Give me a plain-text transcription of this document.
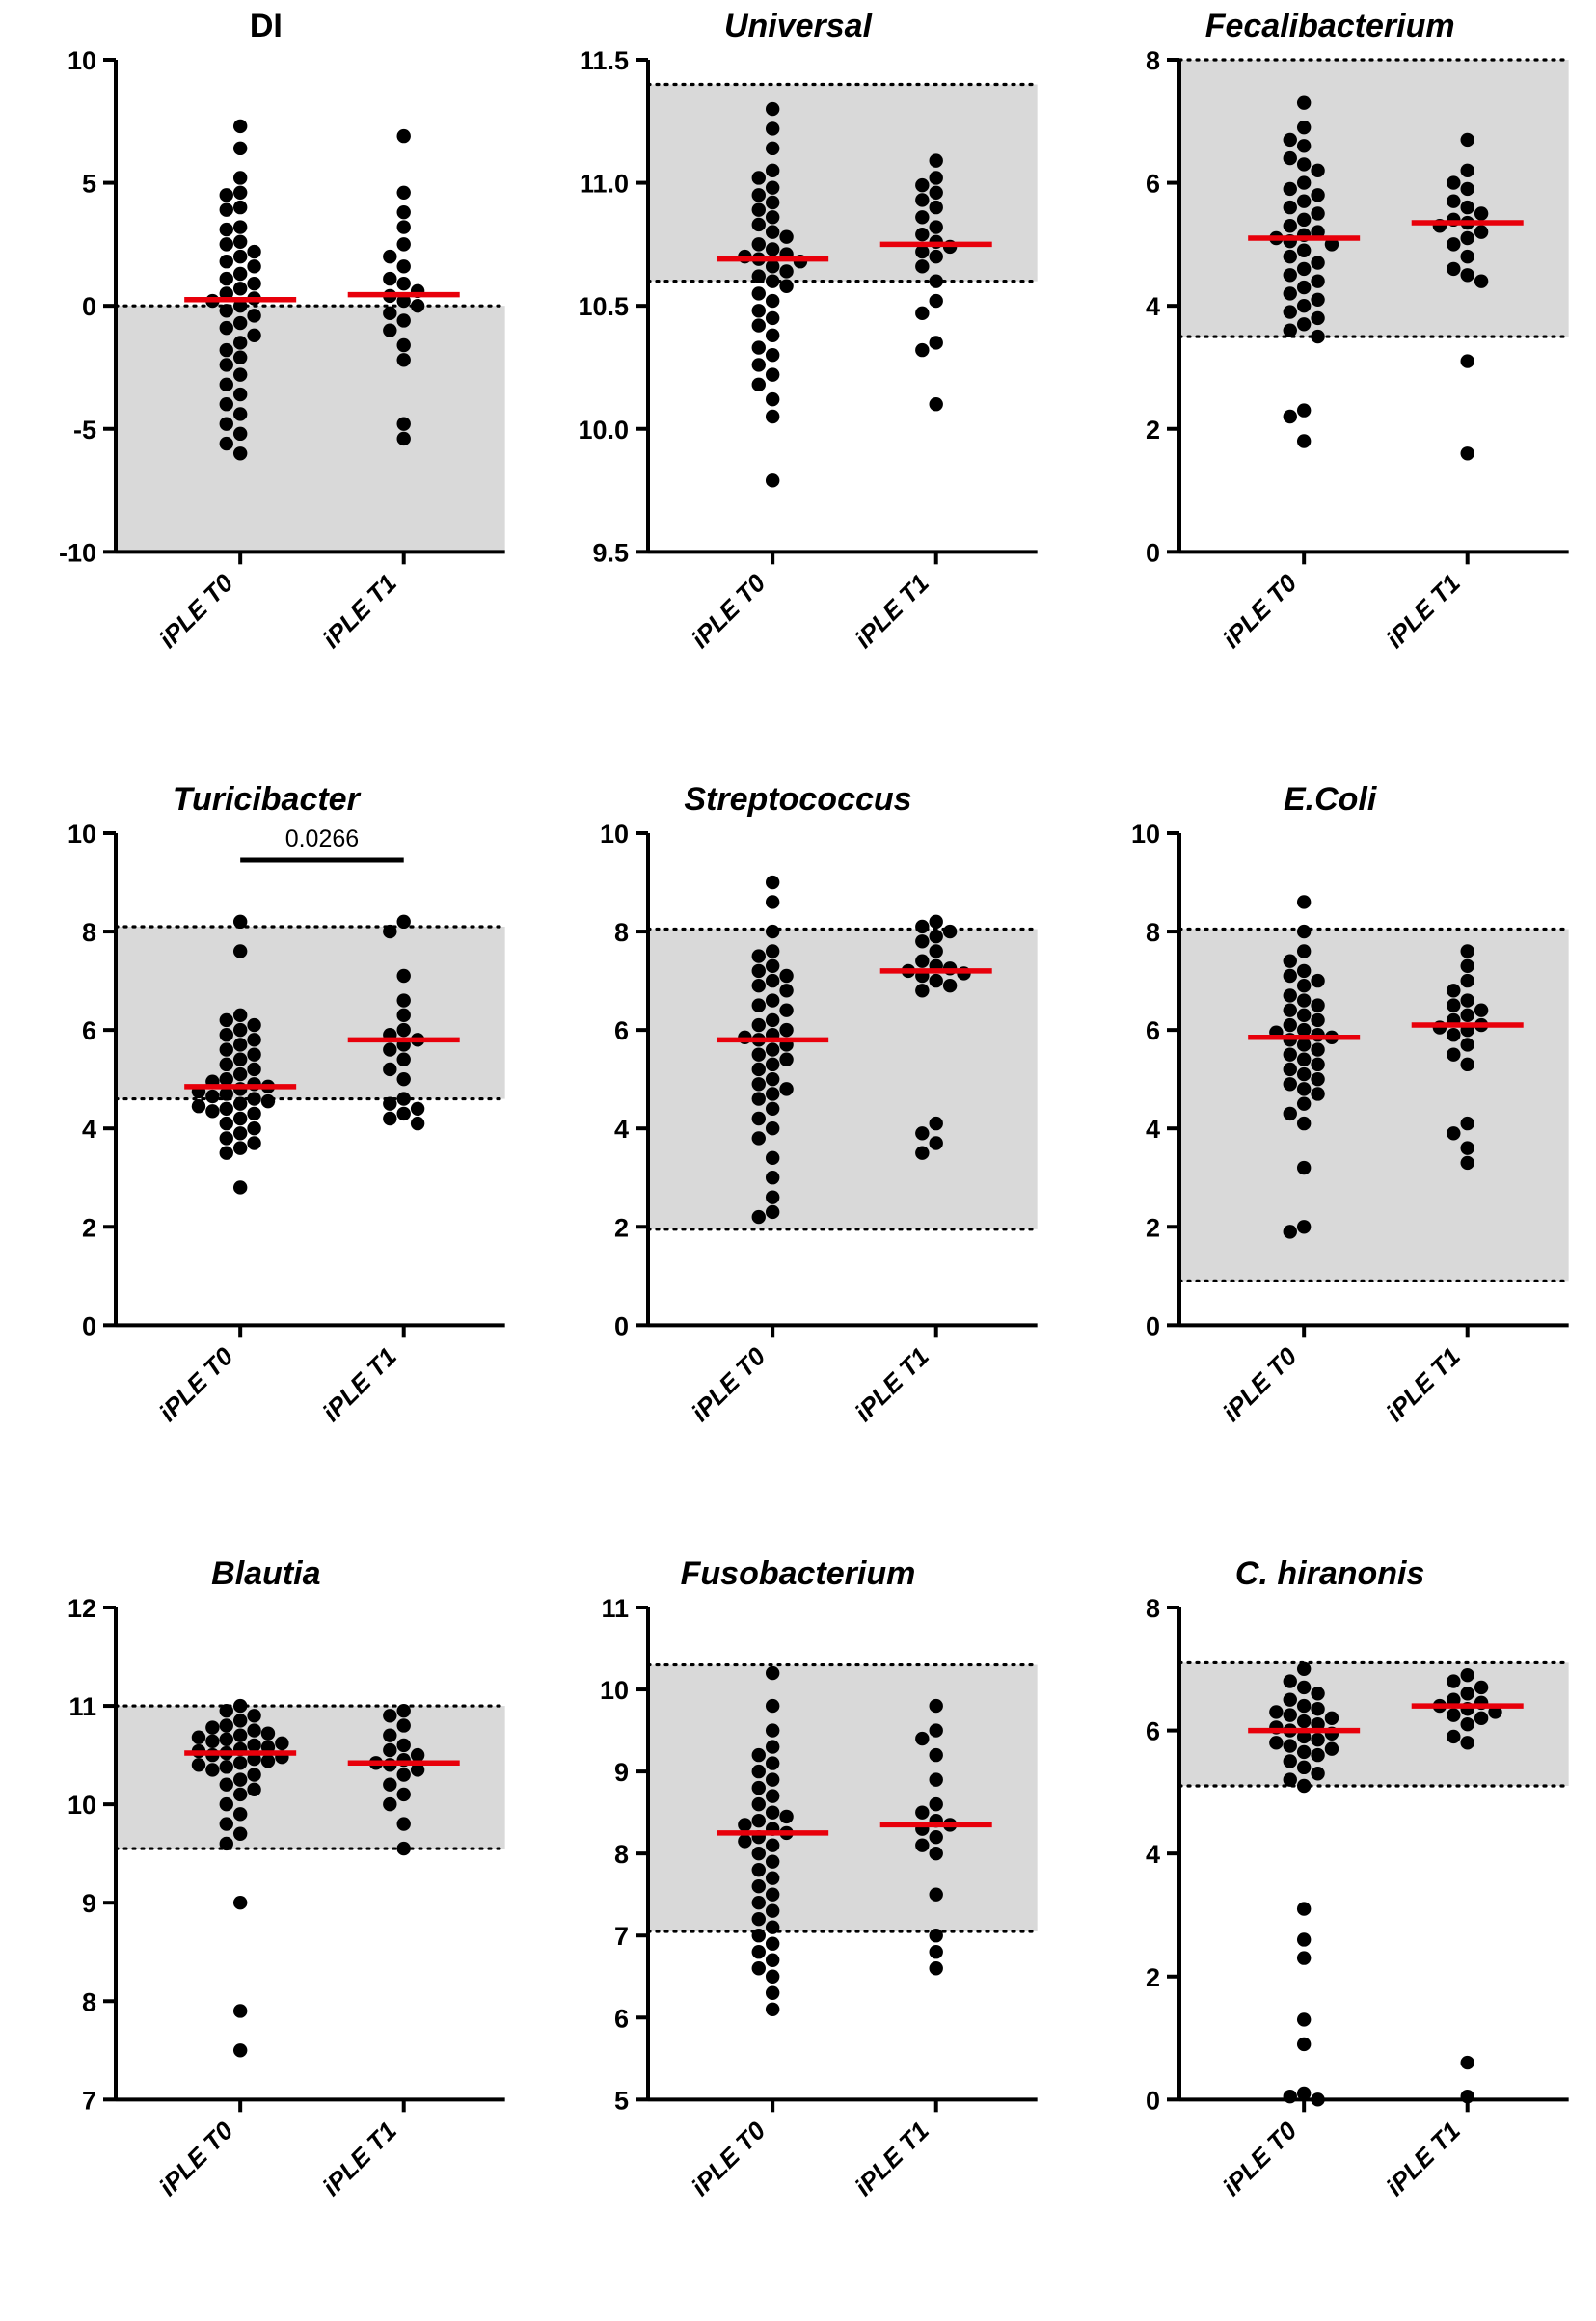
DI
-10
-5
0
5
10
iPLE T0	iPLE T1
Universal
9.5
10.0
10.5
11.0
11.5
iPLE T0	iPLE T1
Fecalibacterium
0
2
4
6
8
iPLE T0	iPLE T1
Turicibacter
0
2
4
6
8
10
iPLE T0	iPLE T1
0.0266
Streptococcus
0
2
4
6
8
10
iPLE T0	iPLE T1
E.Coli
0
2
4
6
8
10
iPLE T0	iPLE T1
Blautia
7
8
9
10
11
12
iPLE T0	iPLE T1
Fusobacterium
5
6
7
8
9
10
11
iPLE T0	iPLE T1
C. hiranonis
0
2
4
6
8
iPLE T0	iPLE T1
